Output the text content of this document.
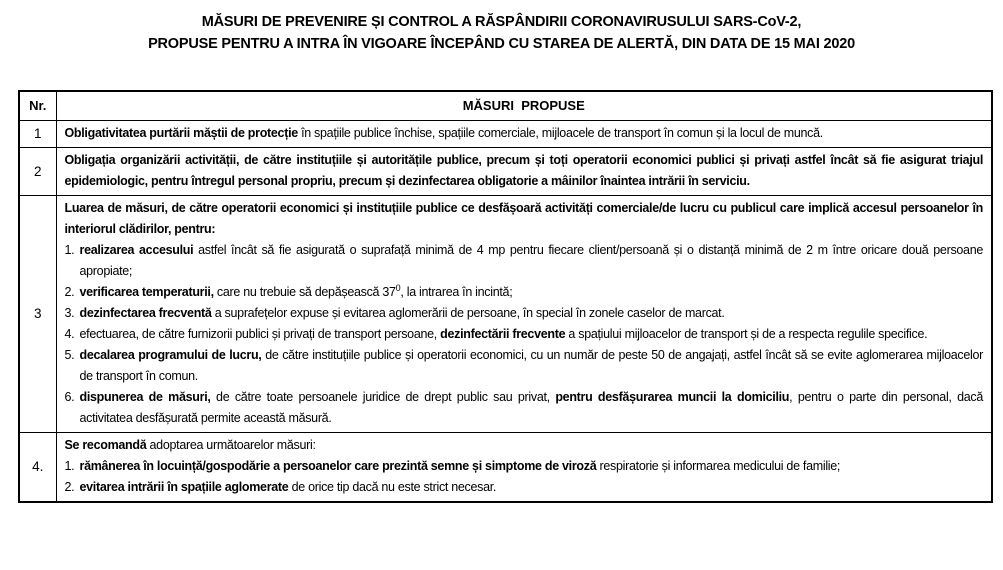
MĂSURI DE PREVENIRE ȘI CONTROL A RĂSPÂNDIRII CORONAVIRUSULUI SARS-CoV-2,
PROPUSE PENTRU A INTRA ÎN VIGOARE ÎNCEPÂND CU STAREA DE ALERTĂ, DIN DATA DE 15 MAI 2020
Nr.	MĂSURI  PROPUSE
1	Obligativitatea purtării măștii de protecție în spațiile publice închise, spațiile comerciale, mijloacele de transport în comun și la locul de muncă.

2	Obligația organizării activității, de către instituțiile și autoritățile publice, precum și toți operatorii economici publici și privați astfel încât să fie asigurat triajul epidemiologic, pentru întregul personal propriu, precum și dezinfectarea obligatorie a mâinilor înaintea intrării în serviciu.

3	
Luarea de măsuri, de către operatorii economici și instituțiile publice ce desfășoară activități comerciale/de lucru cu publicul care implică accesul persoanelor în interiorul clădirilor, pentru:
1. realizarea accesului astfel încât să fie asigurată o suprafață minimă de 4 mp pentru fiecare client/persoană și o distanță minimă de 2 m între oricare două persoane apropiate;
2. verificarea temperaturii, care nu trebuie să depășească $37^0$, la intrarea în incintă;
3. dezinfectarea frecventă a suprafețelor expuse și evitarea aglomerării de persoane, în special în zonele caselor de marcat.
4. efectuarea, de către furnizorii publici și privați de transport persoane, dezinfectării frecvente a spațiului mijloacelor de transport și de a respecta regulile specifice.
5. decalarea programului de lucru, de către instituțiile publice și operatorii economici, cu un număr de peste 50 de angajați, astfel încât să se evite aglomerarea mijloacelor de transport în comun.
6. dispunerea de măsuri, de către toate persoanele juridice de drept public sau privat, pentru desfășurarea muncii la domiciliu, pentru o parte din personal, dacă activitatea desfășurată permite această măsură.

4.	Se recomandă adoptarea următoarelor măsuri:
1. rămânerea în locuință/gospodărie a persoanelor care prezintă semne și simptome de viroză respiratorie și informarea medicului de familie;
2. evitarea intrării în spațiile aglomerate de orice tip dacă nu este strict necesar.
